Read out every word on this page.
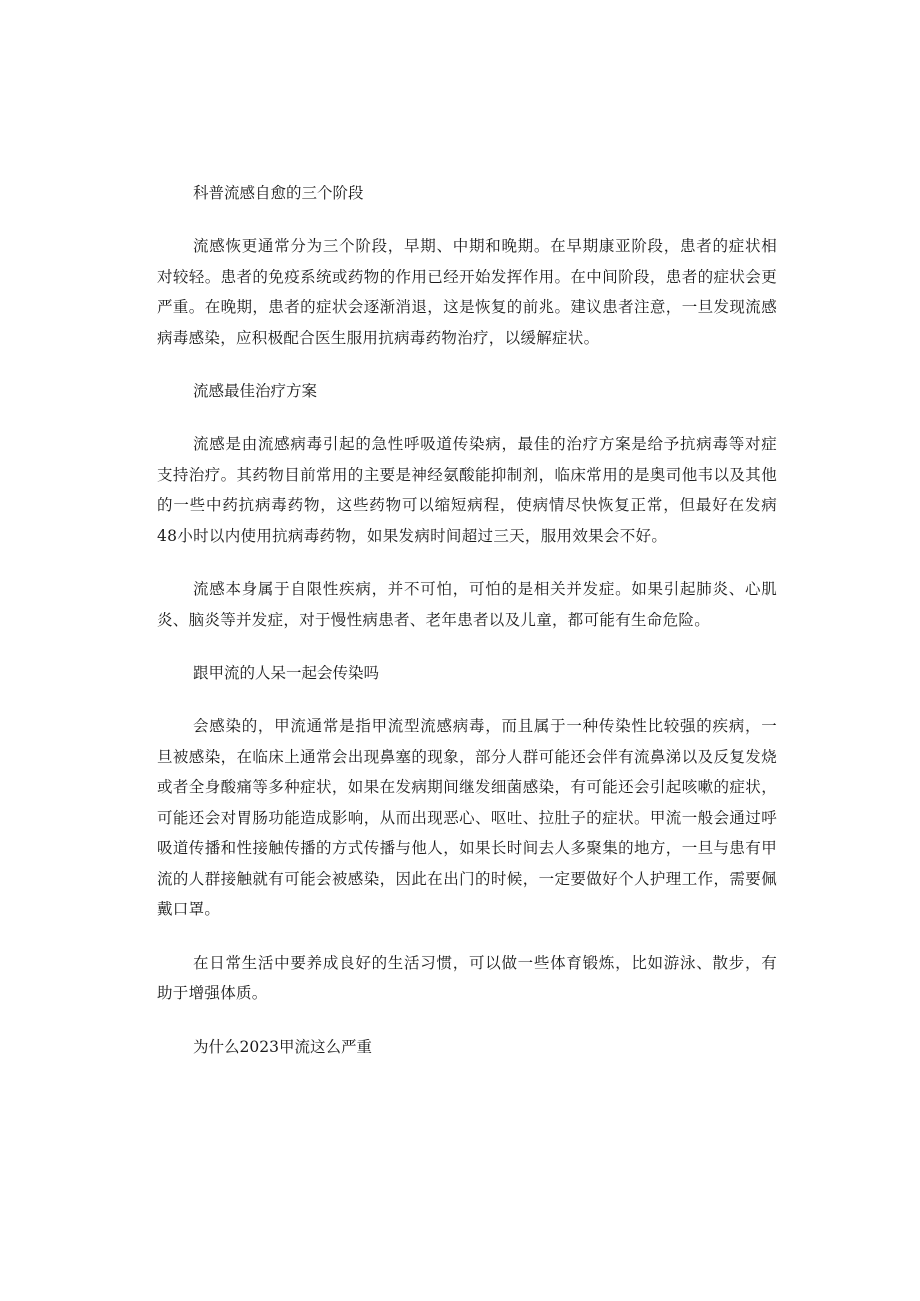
科普流感自愈的三个阶段

流感恢更通常分为三个阶段，早期、中期和晚期。在早期康亚阶段，患者的症状相对较轻。患者的免疫系统或药物的作用已经开始发挥作用。在中间阶段，患者的症状会更严重。在晚期，患者的症状会逐渐消退，这是恢复的前兆。建议患者注意，一旦发现流感病毒感染，应积极配合医生服用抗病毒药物治疗，以缓解症状。

流感最佳治疗方案

流感是由流感病毒引起的急性呼吸道传染病，最佳的治疗方案是给予抗病毒等对症支持治疗。其药物目前常用的主要是神经氨酸能抑制剂，临床常用的是奥司他韦以及其他的一些中药抗病毒药物，这些药物可以缩短病程，使病情尽快恢复正常，但最好在发病48小时以内使用抗病毒药物，如果发病时间超过三天，服用效果会不好。

流感本身属于自限性疾病，并不可怕，可怕的是相关并发症。如果引起肺炎、心肌炎、脑炎等并发症，对于慢性病患者、老年患者以及儿童，都可能有生命危险。

跟甲流的人呆一起会传染吗

会感染的，甲流通常是指甲流型流感病毒，而且属于一种传染性比较强的疾病，一旦被感染，在临床上通常会出现鼻塞的现象，部分人群可能还会伴有流鼻涕以及反复发烧或者全身酸痛等多种症状，如果在发病期间继发细菌感染，有可能还会引起咳嗽的症状，可能还会对胃肠功能造成影响，从而出现恶心、呕吐、拉肚子的症状。甲流一般会通过呼吸道传播和性接触传播的方式传播与他人，如果长时间去人多聚集的地方，一旦与患有甲流的人群接触就有可能会被感染，因此在出门的时候，一定要做好个人护理工作，需要佩戴口罩。

在日常生活中要养成良好的生活习惯，可以做一些体育锻炼，比如游泳、散步，有助于增强体质。

为什么2023甲流这么严重
